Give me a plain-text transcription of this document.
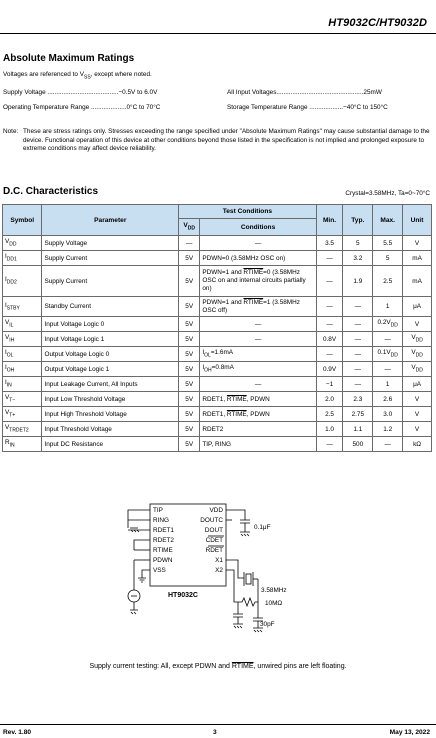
HT9032C/HT9032D
Absolute Maximum Ratings
Voltages are referenced to $V_{SS}$, except where noted.
Supply Voltage ........................................−0.5V to 6.0V
Operating Temperature Range ....................0°C to 70°C
All Input Voltages.................................................25mW
Storage Temperature Range ...................−40°C to 150°C
Note: These are stress ratings only. Stresses exceeding the range specified under "Absolute Maximum Ratings" may cause substantial damage to the device. Functional operation of this device at other conditions beyond those listed in the specification is not implied and prolonged exposure to extreme conditions may affect device reliability.
D.C. Characteristics	Crystal=3.58MHz, Ta=0~70°C
Symbol	Parameter	Test Conditions		Min.	Typ.	Max.	Unit
		$V_{DD}$	Conditions				
$V_{DD}$	Supply Voltage	—	—	3.5	5	5.5	V
$I_{DD1}$	Supply Current	5V	PDWN=0 (3.58MHz OSC on)	—	3.2	5	mA
$I_{DD2}$	Supply Current	5V	PDWN=1 and RTIME=0 (3.58MHz OSC on and internal circuits partially on)	—	1.9	2.5	mA
$I_{STBY}$	Standby Current	5V	PDWN=1 and RTIME=1 (3.58MHz OSC off)	—	—	1	μA
$V_{IL}$	Input Voltage Logic 0	5V	—	—	—	$0.2V_{DD}$	V
$V_{IH}$	Input Voltage Logic 1	5V	—	0.8V	—	—	$V_{DD}$
$I_{OL}$	Output Voltage Logic 0	5V	$I_{OL}=1.6mA$	—	—	$0.1V_{DD}$	$V_{DD}$
$I_{OH}$	Output Voltage Logic 1	5V	$I_{OH}=0.8mA$	0.9V	—	—	$V_{DD}$
$I_{IN}$	Input Leakage Current, All Inputs	5V	—	−1	—	1	μA
$V_{T-}$	Input Low Threshold Voltage	5V	RDET1, RTIME, PDWN	2.0	2.3	2.6	V
$V_{T+}$	Input High Threshold Voltage	5V	RDET1, RTIME, PDWN	2.5	2.75	3.0	V
$V_{TRDET2}$	Input Threshold Voltage	5V	RDET2	1.0	1.1	1.2	V
$R_{IN}$	Input DC Resistance	5V	TIP, RING	—	500	—	kΩ
TIP
RING
RDET1
RDET2
RTIME
PDWN
VSS
VDD
DOUTC
DOUT
CDET
RDET
X1
X2
HT9032C
0.1μF
3.58MHz
10MΩ
30pF
Supply current testing: All, except PDWN and RTIME, unwired pins are left floating.
Rev. 1.80	3	May 13, 2022
